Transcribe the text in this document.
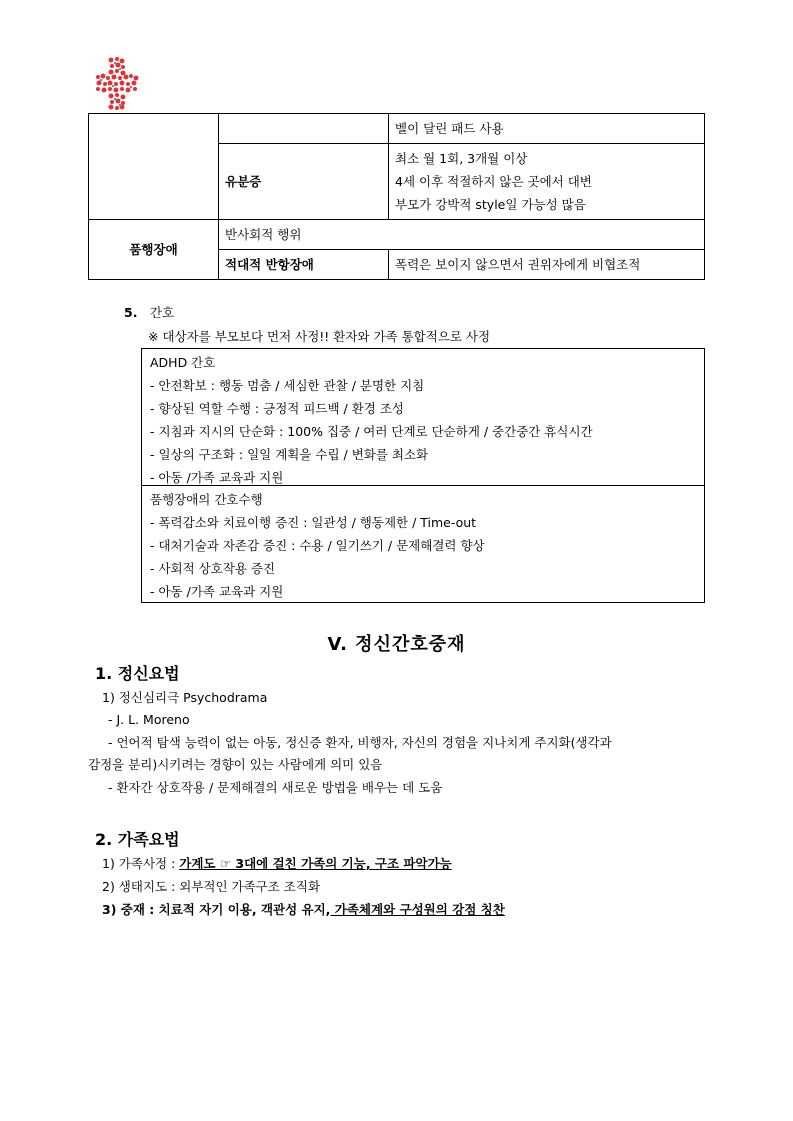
		벨이 달린 패드 사용
	유분증	최소 월 1회, 3개월 이상
4세 이후 적절하지 않은 곳에서 대변
부모가 강박적 style일 가능성 많음

품행장애	반사회적 행위	
	적대적 반항장애	폭력은 보이지 않으면서 권위자에게 비협조적
5. 간호
※ 대상자를 부모보다 먼저 사정!! 환자와 가족 통합적으로 사정
ADHD 간호
- 안전확보 : 행동 멈춤 / 세심한 관찰 / 분명한 지침
- 향상된 역할 수행 : 긍정적 피드백 / 환경 조성
- 지침과 지시의 단순화 : 100% 집중 / 여러 단계로 단순하게 / 중간중간 휴식시간
- 일상의 구조화 : 일일 계획을 수립 / 변화를 최소화
- 아동 /가족 교육과 지원
품행장애의 간호수행
- 폭력감소와 치료이행 증진 : 일관성 / 행동제한 / Time-out
- 대처기술과 자존감 증진 : 수용 / 일기쓰기 / 문제해결력 향상
- 사회적 상호작용 증진
- 아동 /가족 교육과 지원
V. 정신간호중재
1. 정신요법
1) 정신심리극 Psychodrama
- J. L. Moreno
- 언어적 탐색 능력이 없는 아동, 정신증 환자, 비행자, 자신의 경험을 지나치게 주지화(생각과
감정을 분리)시키려는 경향이 있는 사람에게 의미 있음
- 환자간 상호작용 / 문제해결의 새로운 방법을 배우는 데 도움
2. 가족요법
1) 가족사정 : 가계도 ☞ 3대에 걸친 가족의 기능, 구조 파악가능
2) 생태지도 : 외부적인 가족구조 조직화
3) 중재 : 치료적 자기 이용, 객관성 유지, 가족체계와 구성원의 강점 칭찬
